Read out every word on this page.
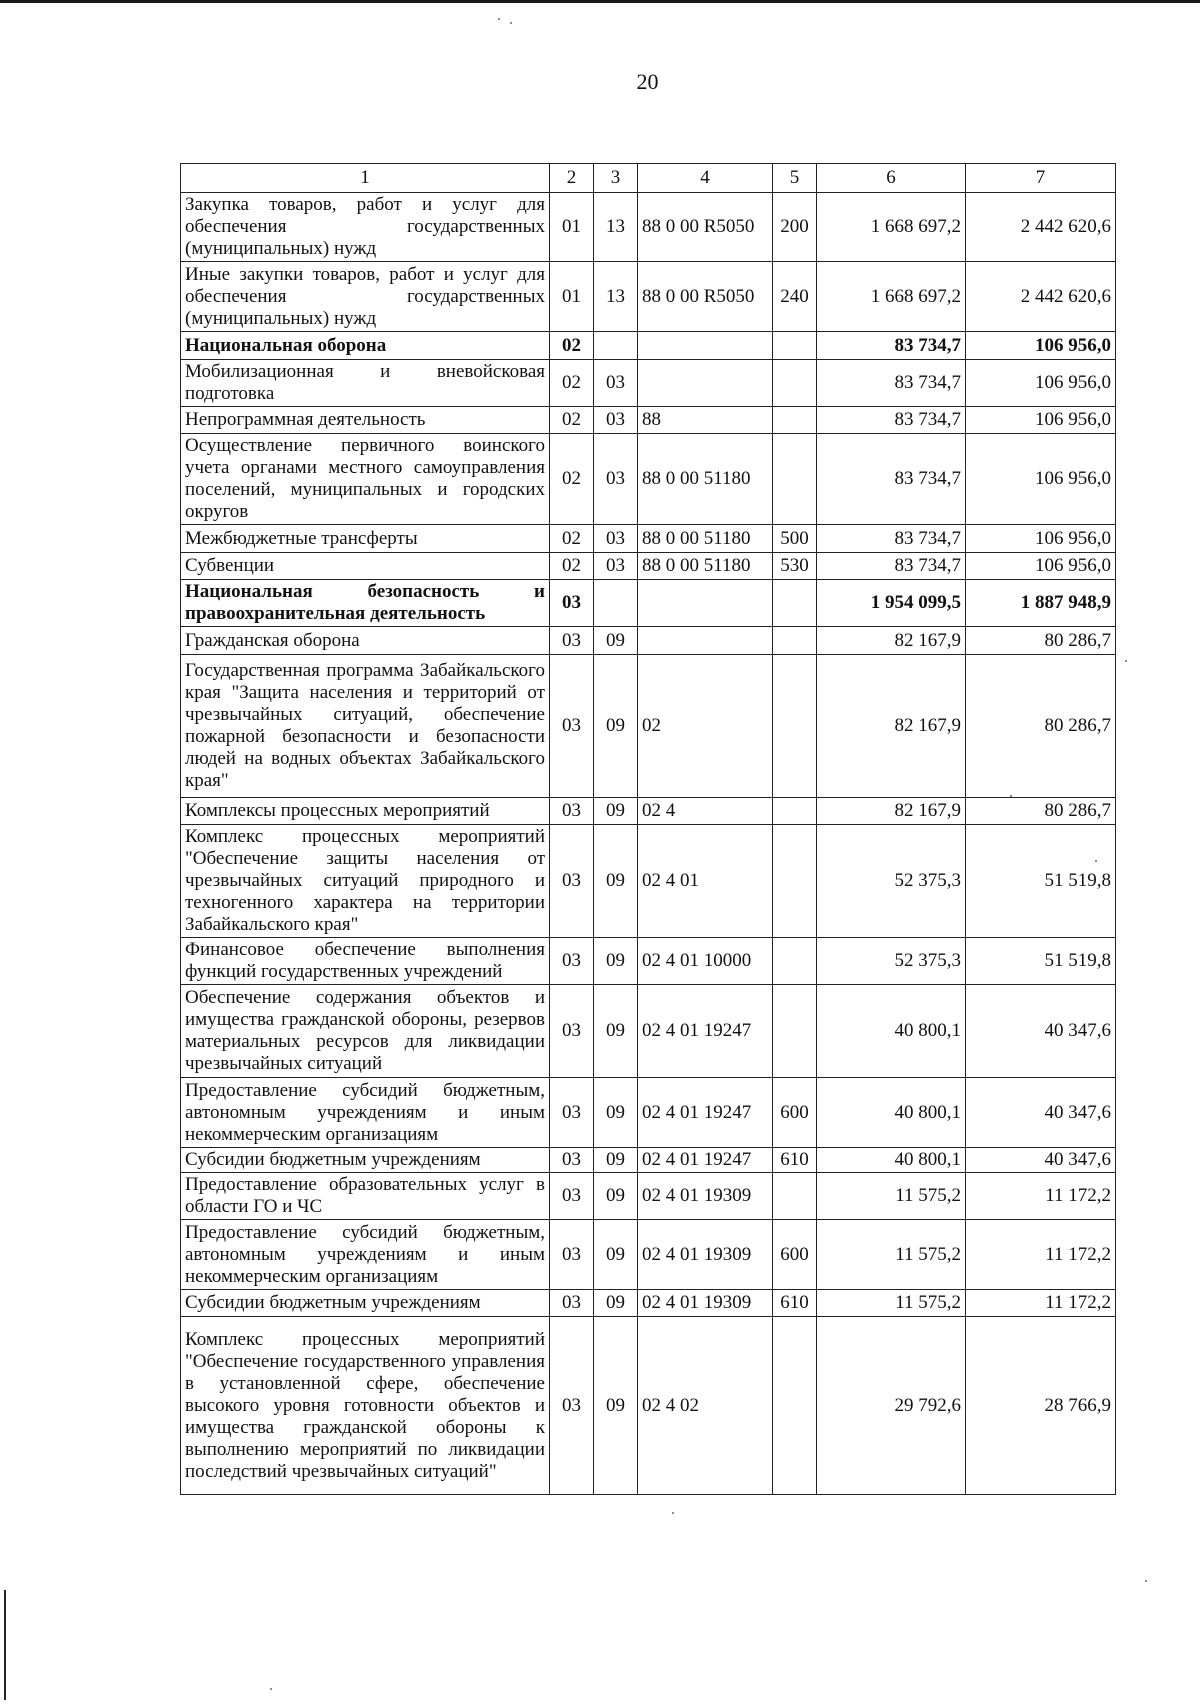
20
1	2	3	4	5	6	7
Закупка товаров, работ и услуг для обеспечения государственных (муниципальных) нужд	01	13	88 0 00 R5050	200	1 668 697,2	2 442 620,6
Иные закупки товаров, работ и услуг для обеспечения государственных (муниципальных) нужд	01	13	88 0 00 R5050	240	1 668 697,2	2 442 620,6
Национальная оборона	02				83 734,7	106 956,0
Мобилизационная и вневойсковая подготовка	02	03			83 734,7	106 956,0
Непрограммная деятельность	02	03	88		83 734,7	106 956,0
Осуществление первичного воинского учета органами местного самоуправления поселений, муниципальных и городских округов	02	03	88 0 00 51180		83 734,7	106 956,0
Межбюджетные трансферты	02	03	88 0 00 51180	500	83 734,7	106 956,0
Субвенции	02	03	88 0 00 51180	530	83 734,7	106 956,0
Национальная безопасность и правоохранительная деятельность	03				1 954 099,5	1 887 948,9
Гражданская оборона	03	09			82 167,9	80 286,7
Государственная программа Забайкальского края "Защита населения и территорий от чрезвычайных ситуаций, обеспечение пожарной безопасности и безопасности людей на водных объектах Забайкальского края"	03	09	02		82 167,9	80 286,7
Комплексы процессных мероприятий	03	09	02 4		82 167,9	80 286,7
Комплекс процессных мероприятий "Обеспечение защиты населения от чрезвычайных ситуаций природного и техногенного характера на территории Забайкальского края"	03	09	02 4 01		52 375,3	51 519,8
Финансовое обеспечение выполнения функций государственных учреждений	03	09	02 4 01 10000		52 375,3	51 519,8
Обеспечение содержания объектов и имущества гражданской обороны, резервов материальных ресурсов для ликвидации чрезвычайных ситуаций	03	09	02 4 01 19247		40 800,1	40 347,6
Предоставление субсидий бюджетным, автономным учреждениям и иным некоммерческим организациям	03	09	02 4 01 19247	600	40 800,1	40 347,6
Субсидии бюджетным учреждениям	03	09	02 4 01 19247	610	40 800,1	40 347,6
Предоставление образовательных услуг в области ГО и ЧС	03	09	02 4 01 19309		11 575,2	11 172,2
Предоставление субсидий бюджетным, автономным учреждениям и иным некоммерческим организациям	03	09	02 4 01 19309	600	11 575,2	11 172,2
Субсидии бюджетным учреждениям	03	09	02 4 01 19309	610	11 575,2	11 172,2
Комплекс процессных мероприятий "Обеспечение государственного управления в установленной сфере, обеспечение высокого уровня готовности объектов и имущества гражданской обороны к выполнению мероприятий по ликвидации последствий чрезвычайных ситуаций"	03	09	02 4 02		29 792,6	28 766,9
